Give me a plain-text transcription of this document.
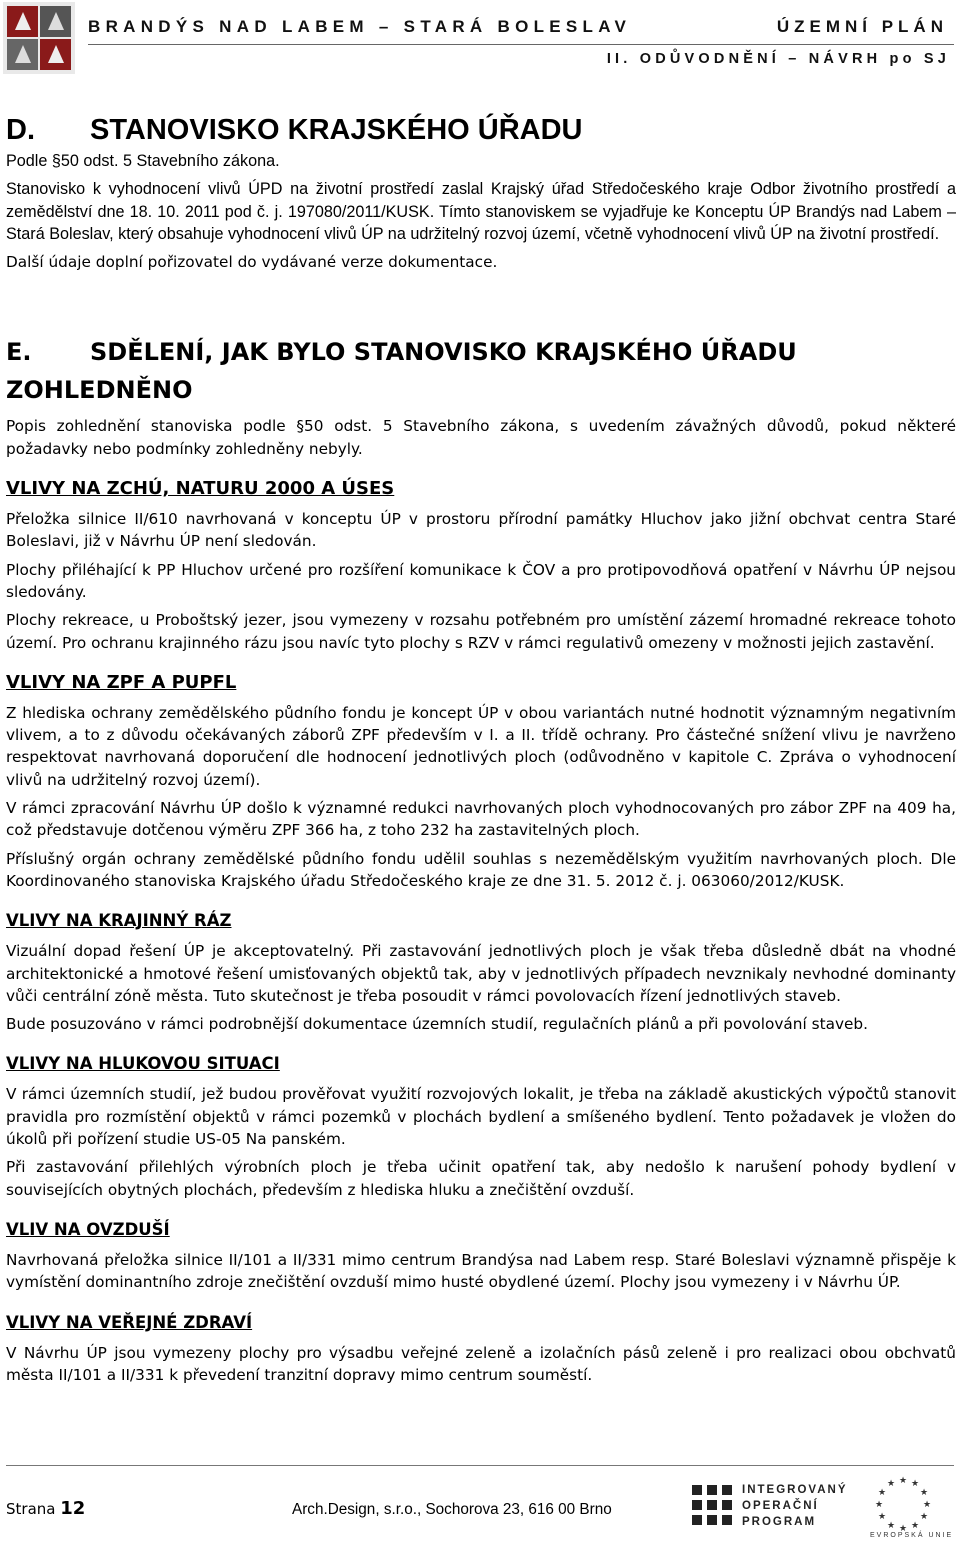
BRANDÝS NAD LABEM – STARÁ BOLESLAV	ÚZEMNÍ PLÁN
II. ODŮVODNĚNÍ – NÁVRH po SJ
D. STANOVISKO KRAJSKÉHO ÚŘADU

Podle §50 odst. 5 Stavebního zákona.

Stanovisko k vyhodnocení vlivů ÚPD na životní prostředí zaslal Krajský úřad Středočeského kraje Odbor životního prostředí a zemědělství dne 18. 10. 2011 pod č. j. 197080/2011/KUSK. Tímto stanoviskem se vyjadřuje ke Konceptu ÚP Brandýs nad Labem – Stará Boleslav, který obsahuje vyhodnocení vlivů ÚP na udržitelný rozvoj území, včetně vyhodnocení vlivů ÚP na životní prostředí.

Další údaje doplní pořizovatel do vydávané verze dokumentace.

E. SDĚLENÍ, JAK BYLO STANOVISKO KRAJSKÉHO ÚŘADU ZOHLEDNĚNO

Popis zohlednění stanoviska podle §50 odst. 5 Stavebního zákona, s uvedením závažných důvodů, pokud některé požadavky nebo podmínky zohledněny nebyly.

VLIVY NA ZCHÚ, NATURU 2000 A ÚSES

Přeložka silnice II/610 navrhovaná v konceptu ÚP v prostoru přírodní památky Hluchov jako jižní obchvat centra Staré Boleslavi, již v Návrhu ÚP není sledován.

Plochy přiléhající k PP Hluchov určené pro rozšíření komunikace k ČOV a pro protipovodňová opatření v Návrhu ÚP nejsou sledovány.

Plochy rekreace, u Proboštský jezer, jsou vymezeny v rozsahu potřebném pro umístění zázemí hromadné rekreace tohoto území. Pro ochranu krajinného rázu jsou navíc tyto plochy s RZV v rámci regulativů omezeny v možnosti jejich zastavění.

VLIVY NA ZPF A PUPFL

Z hlediska ochrany zemědělského půdního fondu je koncept ÚP v obou variantách nutné hodnotit významným negativním vlivem, a to z důvodu očekávaných záborů ZPF především v I. a II. třídě ochrany. Pro částečné snížení vlivu je navrženo respektovat navrhovaná doporučení dle hodnocení jednotlivých ploch (odůvodněno v kapitole C. Zpráva o vyhodnocení vlivů na udržitelný rozvoj území).

V rámci zpracování Návrhu ÚP došlo k významné redukci navrhovaných ploch vyhodnocovaných pro zábor ZPF na 409 ha, což představuje dotčenou výměru ZPF 366 ha, z toho 232 ha zastavitelných ploch.

Příslušný orgán ochrany zemědělské půdního fondu udělil souhlas s nezemědělským využitím navrhovaných ploch. Dle Koordinovaného stanoviska Krajského úřadu Středočeského kraje ze dne 31. 5. 2012 č. j. 063060/2012/KUSK.

VLIVY NA KRAJINNÝ RÁZ

Vizuální dopad řešení ÚP je akceptovatelný. Při zastavování jednotlivých ploch je však třeba důsledně dbát na vhodné architektonické a hmotové řešení umisťovaných objektů tak, aby v jednotlivých případech nevznikaly nevhodné dominanty vůči centrální zóně města. Tuto skutečnost je třeba posoudit v rámci povolovacích řízení jednotlivých staveb.

Bude posuzováno v rámci podrobnější dokumentace územních studií, regulačních plánů a při povolování staveb.

VLIVY NA HLUKOVOU SITUACI

V rámci územních studií, jež budou prověřovat využití rozvojových lokalit, je třeba na základě akustických výpočtů stanovit pravidla pro rozmístění objektů v rámci pozemků v plochách bydlení a smíšeného bydlení. Tento požadavek je vložen do úkolů při pořízení studie US-05 Na panském.

Při zastavování přilehlých výrobních ploch je třeba učinit opatření tak, aby nedošlo k narušení pohody bydlení v souvisejících obytných plochách, především z hlediska hluku a znečištění ovzduší.

VLIV NA OVZDUŠÍ

Navrhovaná přeložka silnice II/101 a II/331 mimo centrum Brandýsa nad Labem resp. Staré Boleslavi významně přispěje k vymístění dominantního zdroje znečištění ovzduší mimo husté obydlené území. Plochy jsou vymezeny i v Návrhu ÚP.

VLIVY NA VEŘEJNÉ ZDRAVÍ

V Návrhu ÚP jsou vymezeny plochy pro výsadbu veřejné zeleně a izolačních pásů zeleně i pro realizaci obou obchvatů města II/101 a II/331 k převedení tranzitní dopravy mimo centrum souměstí.

Strana 12	Arch.Design, s.r.o., Sochorova 23, 616 00 Brno
INTEGROVANÝ
OPERAČNÍ
PROGRAM
★ ★
★
★
★
★
★
★
★
★
★
★
EVROPSKÁ UNIE
